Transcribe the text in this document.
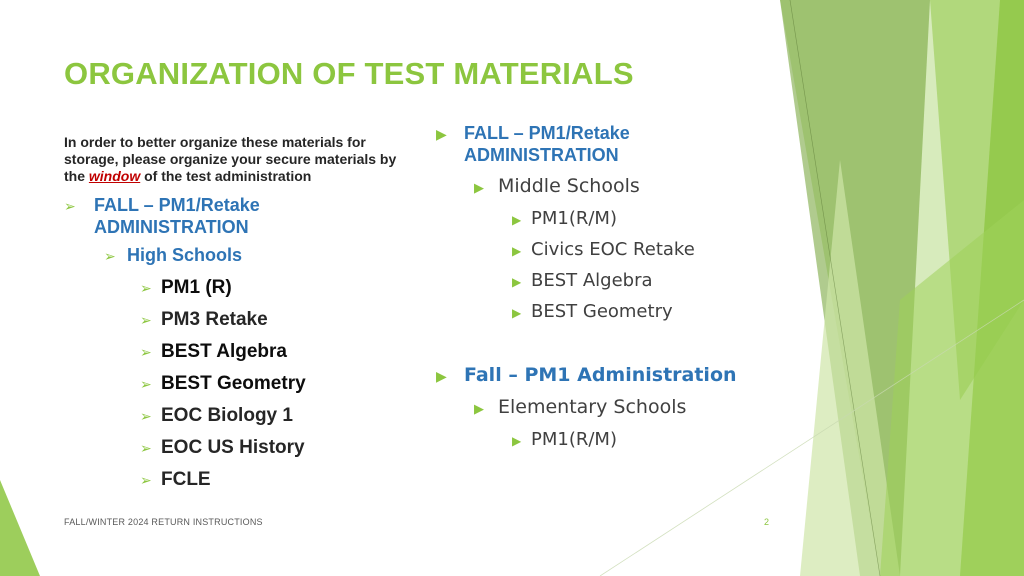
ORGANIZATION OF TEST MATERIALS
In order to better organize these materials for storage, please organize your secure materials by the window of the test administration
➢ FALL – PM1/Retake ADMINISTRATION
➢ High Schools
➢ PM1 (R)
➢ PM3 Retake
➢ BEST Algebra
➢ BEST Geometry
➢ EOC Biology 1
➢ EOC US History
➢ FCLE
▶ FALL – PM1/Retake ADMINISTRATION
▶ Middle Schools
▶ PM1(R/M)
▶ Civics EOC Retake
▶ BEST Algebra
▶ BEST Geometry
▶ Fall – PM1 Administration
▶ Elementary Schools
▶ PM1(R/M)
FALL/WINTER 2024 RETURN INSTRUCTIONS	2
